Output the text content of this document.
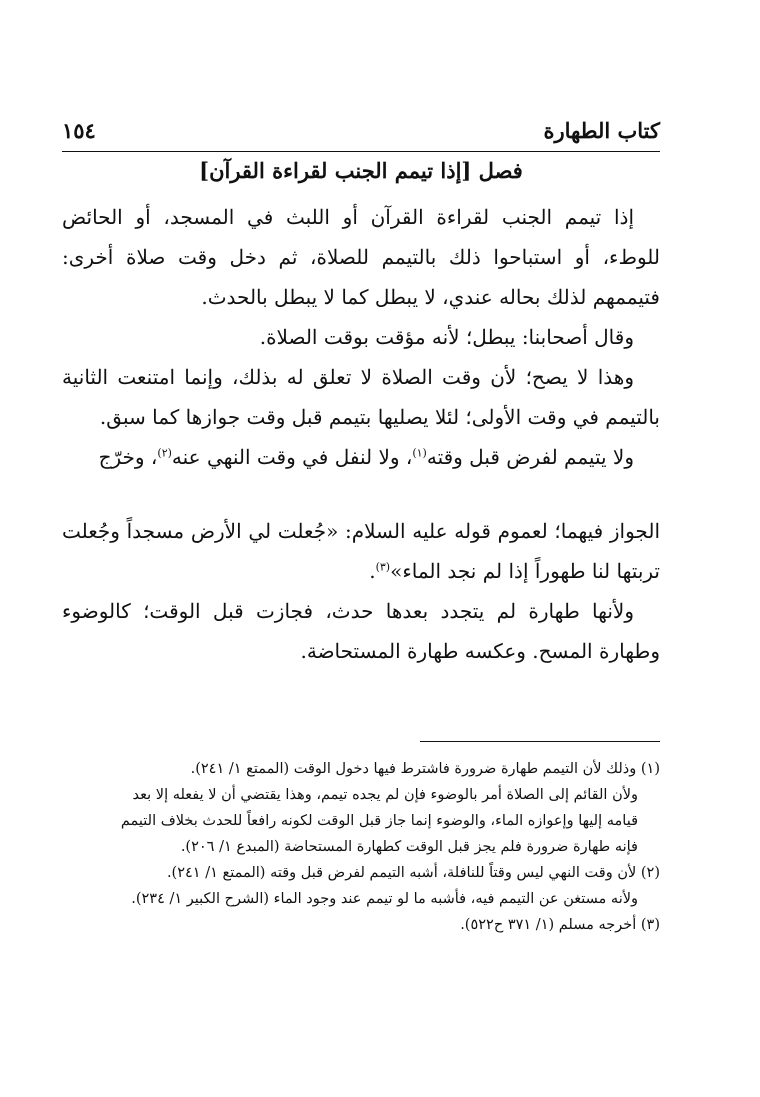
كتاب الطهارة
١٥٤
فصل [إذا تيمم الجنب لقراءة القرآن]

إذا تيمم الجنب لقراءة القرآن أو اللبث في المسجد، أو الحائض للوطء، أو استباحوا ذلك بالتيمم للصلاة، ثم دخل وقت صلاة أخرى: فتيممهم لذلك بحاله عندي، لا يبطل كما لا يبطل بالحدث.

وقال أصحابنا: يبطل؛ لأنه مؤقت بوقت الصلاة.

وهذا لا يصح؛ لأن وقت الصلاة لا تعلق له بذلك، وإنما امتنعت الثانية بالتيمم في وقت الأولى؛ لئلا يصليها بتيمم قبل وقت جوازها كما سبق.

ولا يتيمم لفرض قبل وقته$^{(١)}$، ولا لنفل في وقت النهي عنه$^{(٢)}$، وخرّج

الجواز فيهما؛ لعموم قوله عليه السلام: «جُعلت لي الأرض مسجداً وجُعلت تربتها لنا طهوراً إذا لم نجد الماء»$^{(٣)}$.

ولأنها طهارة لم يتجدد بعدها حدث، فجازت قبل الوقت؛ كالوضوء وطهارة المسح. وعكسه طهارة المستحاضة.

(١) وذلك لأن التيمم طهارة ضرورة فاشترط فيها دخول الوقت (الممتع ١/ ٢٤١).
ولأن القائم إلى الصلاة أمر بالوضوء فإن لم يجده تيمم، وهذا يقتضي أن لا يفعله إلا بعد
قيامه إليها وإعوازه الماء، والوضوء إنما جاز قبل الوقت لكونه رافعاً للحدث بخلاف التيمم
فإنه طهارة ضرورة فلم يجز قبل الوقت كطهارة المستحاضة (المبدع ١/ ٢٠٦).
(٢) لأن وقت النهي ليس وقتاً للنافلة، أشبه التيمم لفرض قبل وقته (الممتع ١/ ٢٤١).
ولأنه مستغن عن التيمم فيه، فأشبه ما لو تيمم عند وجود الماء (الشرح الكبير ١/ ٢٣٤).
(٣) أخرجه مسلم (١/ ٣٧١ ح٥٢٢).
